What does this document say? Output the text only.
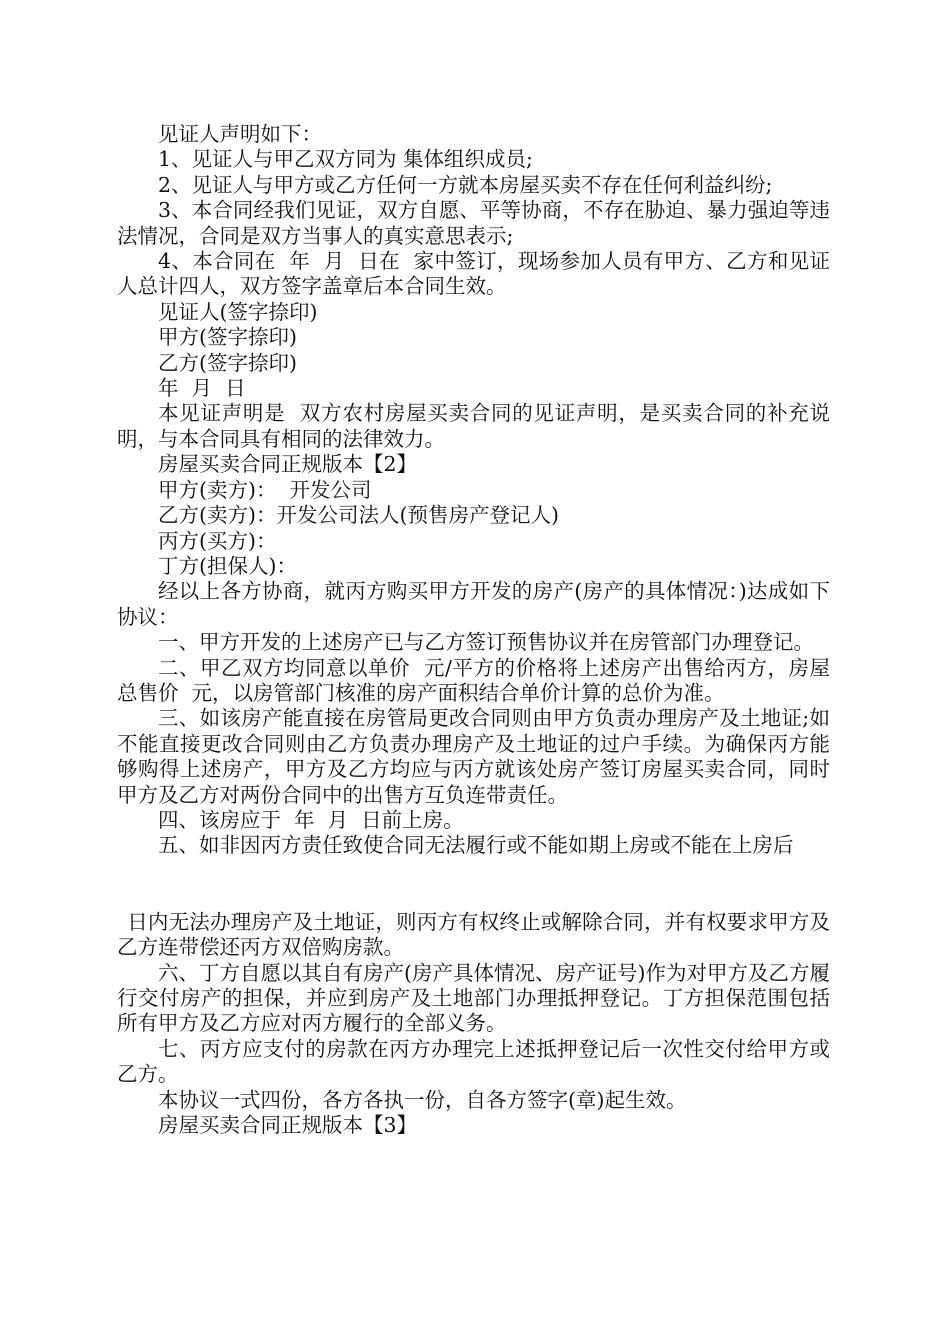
见证人声明如下：

1、见证人与甲乙双方同为 集体组织成员;

2、见证人与甲方或乙方任何一方就本房屋买卖不存在任何利益纠纷;

3、本合同经我们见证，双方自愿、平等协商，不存在胁迫、暴力强迫等违法情况，合同是双方当事人的真实意思表示;

4、本合同在  年  月  日在  家中签订，现场参加人员有甲方、乙方和见证人总计四人，双方签字盖章后本合同生效。

见证人(签字捺印)

甲方(签字捺印)

乙方(签字捺印)

年  月  日

本见证声明是  双方农村房屋买卖合同的见证声明，是买卖合同的补充说明，与本合同具有相同的法律效力。

房屋买卖合同正规版本【2】

甲方(卖方)：  开发公司

乙方(卖方)：开发公司法人(预售房产登记人)

丙方(买方)：

丁方(担保人)：

经以上各方协商，就丙方购买甲方开发的房产(房产的具体情况：)达成如下协议：

一、甲方开发的上述房产已与乙方签订预售协议并在房管部门办理登记。

二、甲乙双方均同意以单价  元/平方的价格将上述房产出售给丙方，房屋总售价  元，以房管部门核准的房产面积结合单价计算的总价为准。

三、如该房产能直接在房管局更改合同则由甲方负责办理房产及土地证;如不能直接更改合同则由乙方负责办理房产及土地证的过户手续。为确保丙方能够购得上述房产，甲方及乙方均应与丙方就该处房产签订房屋买卖合同，同时甲方及乙方对两份合同中的出售方互负连带责任。

四、该房应于  年  月  日前上房。

五、如非因丙方责任致使合同无法履行或不能如期上房或不能在上房后

日内无法办理房产及土地证，则丙方有权终止或解除合同，并有权要求甲方及乙方连带偿还丙方双倍购房款。

六、丁方自愿以其自有房产(房产具体情况、房产证号)作为对甲方及乙方履行交付房产的担保，并应到房产及土地部门办理抵押登记。丁方担保范围包括所有甲方及乙方应对丙方履行的全部义务。

七、丙方应支付的房款在丙方办理完上述抵押登记后一次性交付给甲方或乙方。

本协议一式四份，各方各执一份，自各方签字(章)起生效。

房屋买卖合同正规版本【3】
